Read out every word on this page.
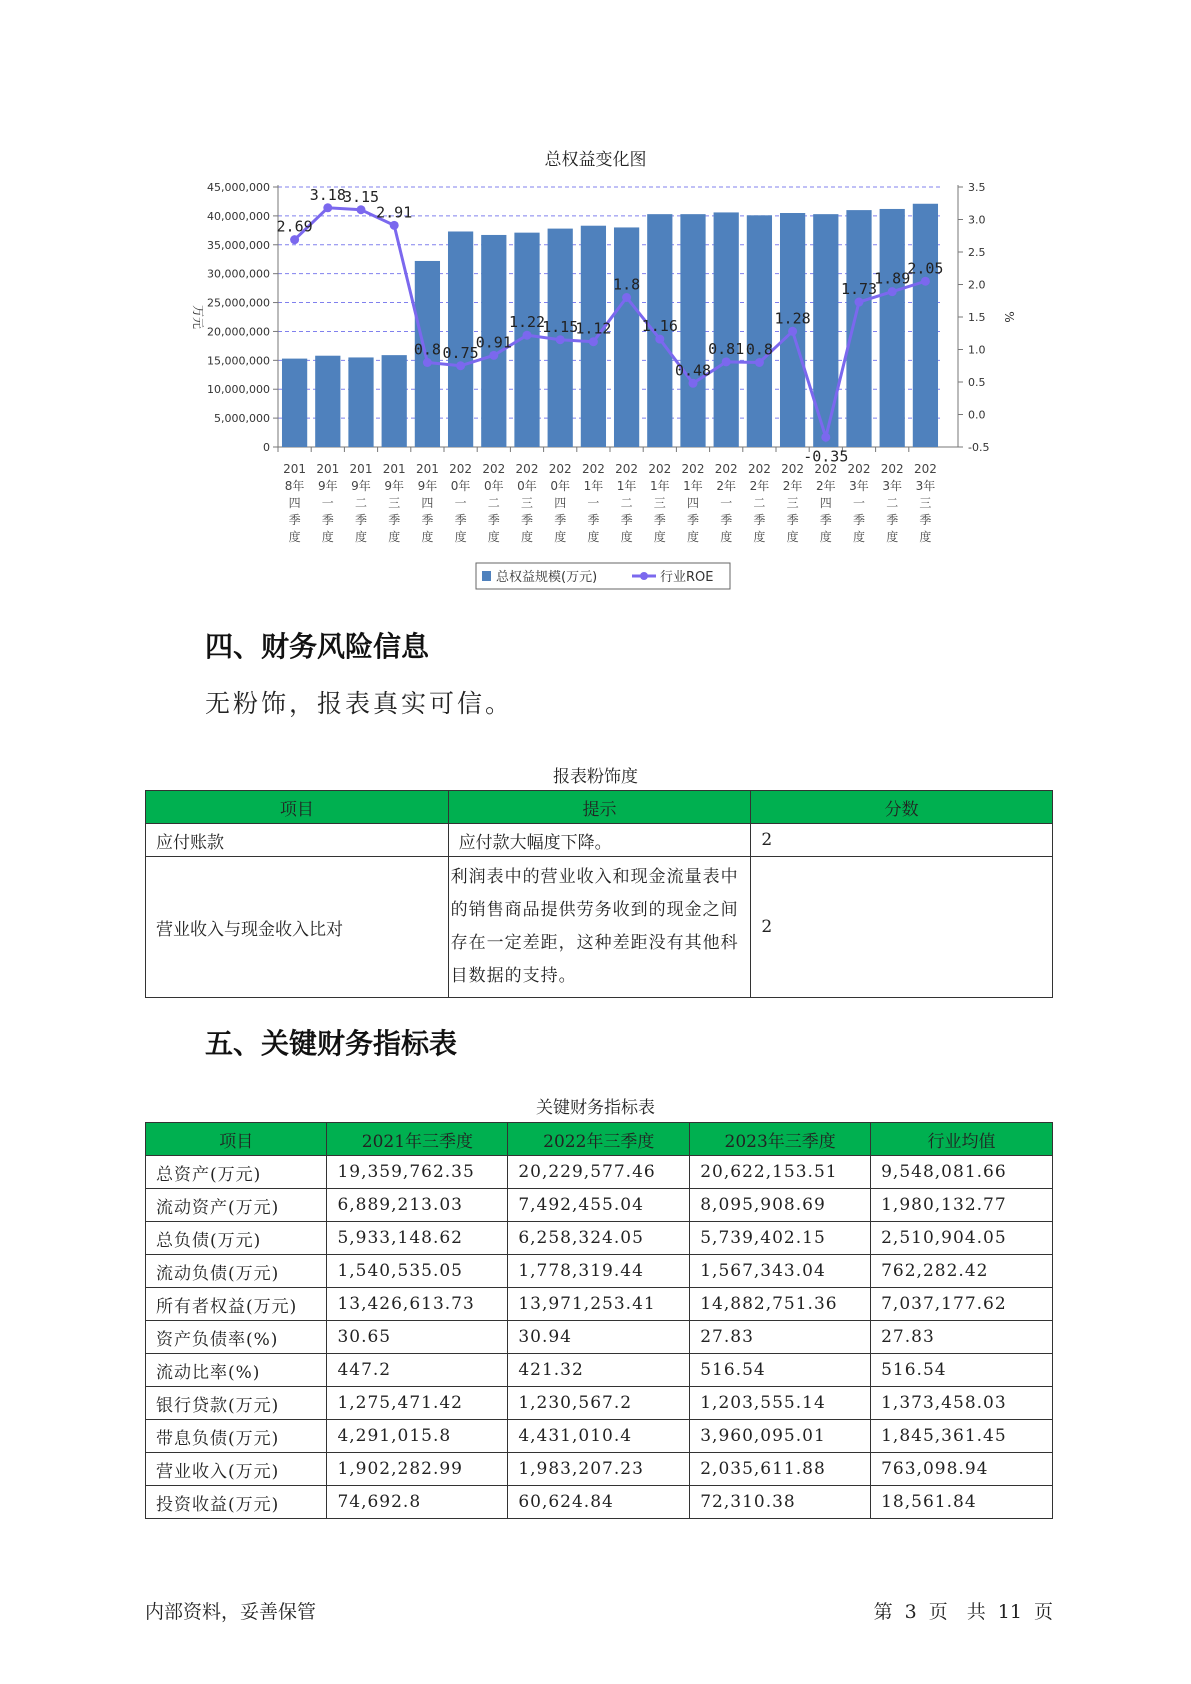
总权益变化图
0
5,000,000
10,000,000
15,000,000
20,000,000
25,000,000
30,000,000
35,000,000
40,000,000
45,000,000
-0.5
0.0
0.5
1.0
1.5
2.0
2.5
3.0
3.5
万元	%
201
8年
四
季
度
201
9年
一
季
度
201
9年
二
季
度
201
9年
三
季
度
201
9年
四
季
度
202
0年
一
季
度
202
0年
二
季
度
202
0年
三
季
度
202
0年
四
季
度
202
1年
一
季
度
202
1年
二
季
度
202
1年
三
季
度
202
1年
四
季
度
202
2年
一
季
度
202
2年
二
季
度
202
2年
三
季
度
202
2年
四
季
度
202
3年
一
季
度
202
3年
二
季
度
202
3年
三
季
度
2.69
3.18
3.15
2.91
0.8 0.75
0.91
1.22
1.15
1.12
1.8
1.16
0.48
0.81 0.8
1.28
-0.35
1.73
1.89
2.05
总权益规模(万元)	行业ROE
四、财务风险信息
无粉饰，报表真实可信。
报表粉饰度
项目	提示	分数
应付账款	应付款大幅度下降。	2
营业收入与现金收入比对	利润表中的营业收入和现金流量表中的销售商品提供劳务收到的现金之间存在一定差距，这种差距没有其他科目数据的支持。	2
五、关键财务指标表
关键财务指标表
项目	2021年三季度	2022年三季度	2023年三季度	行业均值
总资产(万元)	19,359,762.35	20,229,577.46	20,622,153.51	9,548,081.66
流动资产(万元)	6,889,213.03	7,492,455.04	8,095,908.69	1,980,132.77
总负债(万元)	5,933,148.62	6,258,324.05	5,739,402.15	2,510,904.05
流动负债(万元)	1,540,535.05	1,778,319.44	1,567,343.04	762,282.42
所有者权益(万元)	13,426,613.73	13,971,253.41	14,882,751.36	7,037,177.62
资产负债率(%)	30.65	30.94	27.83	27.83
流动比率(%)	447.2	421.32	516.54	516.54
银行贷款(万元)	1,275,471.42	1,230,567.2	1,203,555.14	1,373,458.03
带息负债(万元)	4,291,015.8	4,431,010.4	3,960,095.01	1,845,361.45
营业收入(万元)	1,902,282.99	1,983,207.23	2,035,611.88	763,098.94
投资收益(万元)	74,692.8	60,624.84	72,310.38	18,561.84
内部资料，妥善保管	第 3 页　共 11 页
